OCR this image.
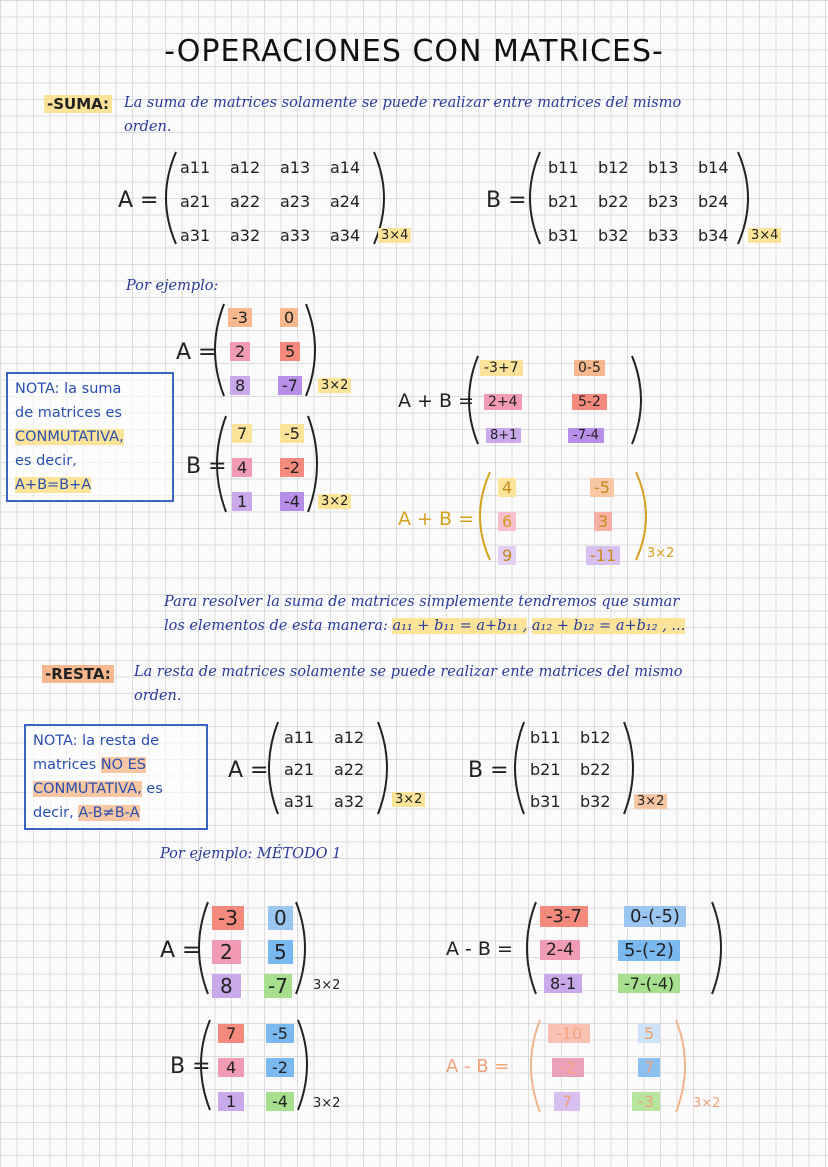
-OPERACIONES CON MATRICES-
-SUMA: La suma de matrices solamente se puede realizar entre matrices del mismo
orden.
A =
a11 a12 a13 a14
a21 a22 a23 a24
a31 a32 a33 a34 3×4
B =
b11 b12 b13 b14
b21 b22 b23 b24
b31 b32 b33 b34 3×4
Por ejemplo:
NOTA: la suma
de matrices es
CONMUTATIVA,
es decir,
A+B=B+A
A =
-3 0
2	5
8	-7	3×2
B =
7	-5
4	-2
1	-4	3×2
A + B =
-3+7	0-5
2+4	5-2
8+1	-7-4
A + B =
4	-5
6	3
9	-11	3×2
Para resolver la suma de matrices simplemente tendremos que sumar
los elementos de esta manera: a₁₁ + b₁₁ = a+b₁₁ , a₁₂ + b₁₂ = a+b₁₂ , ...
-RESTA: La resta de matrices solamente se puede realizar ente matrices del mismo
orden.
NOTA: la resta de
matrices NO ES
CONMUTATIVA, es
decir, A-B≠B-A
A =
a11 a12
a21 a22
a31 a32 3×2
B =
b11 b12
b21 b22
b31 b32 3×2
Por ejemplo: MÉTODO 1
A =
-3	0
2	5
8	-7	3×2
B =
7	-5
4	-2
1	-4	3×2
A - B =
-3-7	0-(-5)
2-4	5-(-2)
8-1	-7-(-4)
A - B =
-10	5
-2	7
7	-3	3×2
